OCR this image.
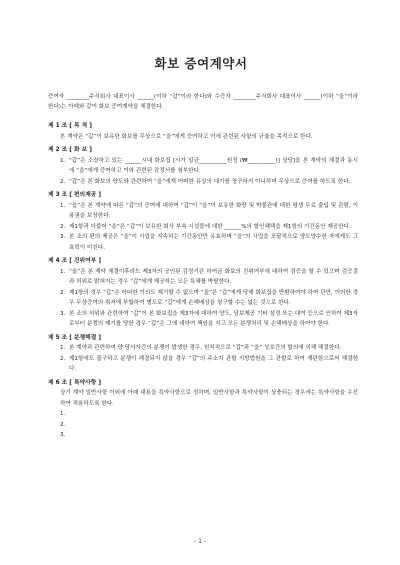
화보 증여계약서
증여자 ________주식회사 대표이사 ______(이하 “갑”이라 한다)와 수증자 ________주식회사 대표이사 ______(이하 “을”이라 한다)는 아래와 같이 화보 증여계약을 체결한다.
제 1 조 [ 목 적 ]
본 계약은 “갑”이 보유한 화보를 무상으로 “을”에게 증여하고 이에 관련된 사항의 규율을 목적으로 한다.
제 2 조 [ 화 보 ]
1. “갑”은 소장하고 있는 ______시대 화보집 [시가 일금__________원정 (₩__________)] 상당]을 본 계약의 체결과 동시에 “을”에게 증여하고 이와 관련된 감정서를 첨부한다.
2. “갑”은 본 화보의 양도와 관련하여 “을”에게 어떠한 유상의 대가를 청구하지 아니하며 무상으로 증여를 하도록 한다.
제 3 조 [ 편의제공 ]
1. “을”은 본 계약에 따른 “갑”의 증여에 대하여 “갑”이 “을”이 보유한 화랑 및 박물관에 대한 평생 무료 출입 및 관람, 이용권을 보장한다.
2. 제1항과 더불어 “을”은 “갑”이 보유한 회사 부속 시설물에 대한 ______%의 할인혜택을 제1항의 기간동안 제공한다.
3. 본 조의 편의 제공은 “을”이 사업을 지속하는 기간동안만 유효하며 “을”의 사업을 포괄적으로 양도양수한 자에게도 그 효력이 미친다.
제 4 조 [ 진위여부 ]
1. “을”은 본 계약 체결이후라도 제3자의 공인된 감정기관 하여금 화보의 진위여부에 대하여 검증을 할 수 있으며 검증결과 허위로 밝혀지는 경우 “갑”에게 제공하는 모든 특혜를 박탈한다.
2. 제1항의 경우 “갑”은 어떠한 이의도 제기할 수 없으며 “을”은 “갑”에게 당해 화보집을 반환하여야 하며 단만, 이러한 경우 무상증여의 취지에 부합하여 별도로 “갑”에게 손해배상을 청구할 수는 없는 것으로 한다.
3. 본 조의 허위와 관련하여 “갑”이 본 화보집을 제3자에 대하여 양도, 담보제공 기타 설정 또는 대여 등으로 인하여 제3자로부터 분쟁의 제기를 당한 경우 “갑”은 그에 대하여 책임을 지고 모든 분쟁처리 및 손해배상을 하여야 한다.
제 5 조 [ 분쟁해결 ]
1. 본 계약과 관련하여 양 당사자간의 분쟁이 발생한 경우, 원칙적으로 “갑”과 “을” 상호간의 합의에 의해 해결한다.
2. 제1항에도 불구하고 분쟁이 해결되지 않을 경우 “갑”의 주소지 관할 지방법원을 그 관할로 하여 재판함으로써 해결한다.
제 6 조 [ 특약사항 ]
상기 계약 일반사항 이외에 아래 내용을 특약사항으로 정하며, 일반사항과 특약사항이 상충되는 경우에는 특약사항을 우선하여 적용하도록 한다.
1.
2.
3.
- 1 -
